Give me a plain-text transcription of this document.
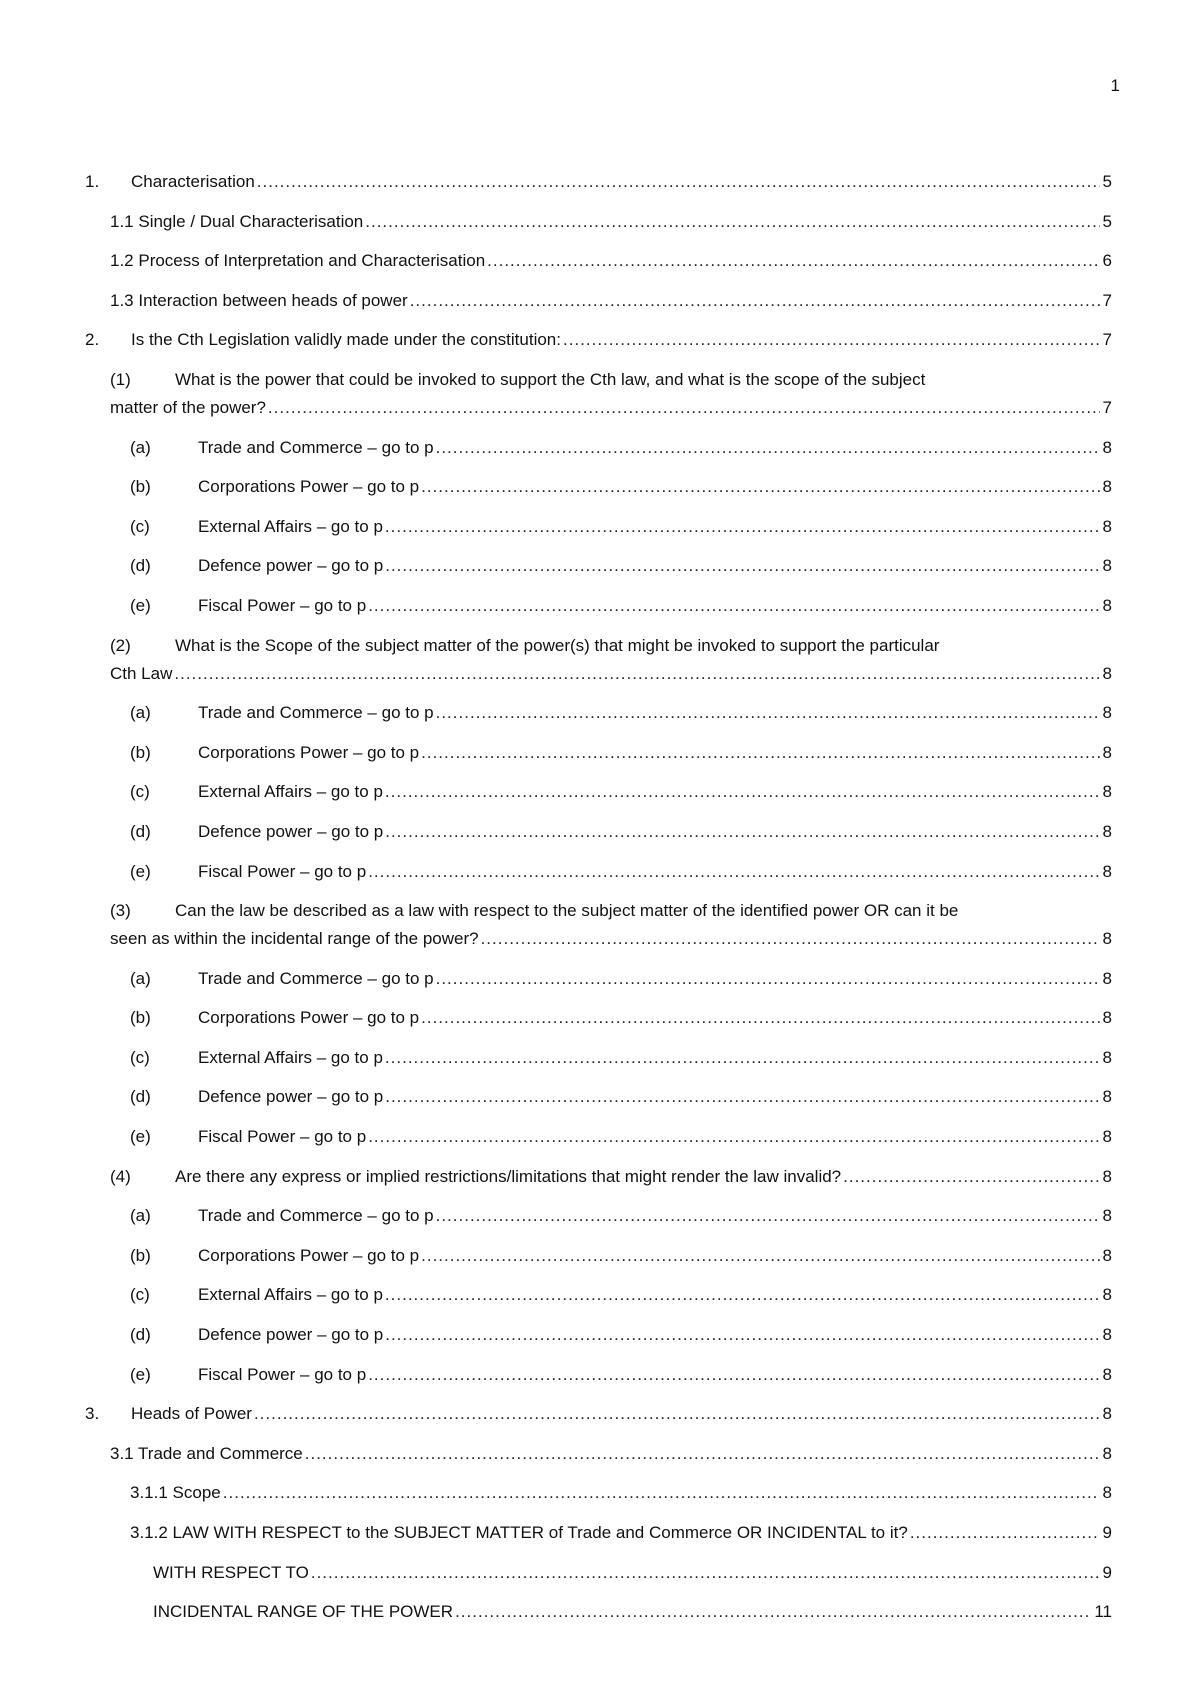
1
1.	Characterisation .....	5
1.1 Single / Dual Characterisation .....	5
1.2 Process of Interpretation and Characterisation .....	6
1.3 Interaction between heads of power .....	7
2.	Is the Cth Legislation validly made under the constitution: .....	7
(1)	What is the power that could be invoked to support the Cth law, and what is the scope of the subject
matter of the power? .....	7
(a)	Trade and Commerce – go to p .....	8
(b)	Corporations Power – go to p .....	8
(c)	External Affairs – go to p .....	8
(d)	Defence power – go to p .....	8
(e)	Fiscal Power – go to p .....	8
(2)	What is the Scope of the subject matter of the power(s) that might be invoked to support the particular
Cth Law .....	8
(a)	Trade and Commerce – go to p .....	8
(b)	Corporations Power – go to p .....	8
(c)	External Affairs – go to p .....	8
(d)	Defence power – go to p .....	8
(e)	Fiscal Power – go to p .....	8
(3)	Can the law be described as a law with respect to the subject matter of the identified power OR can it be
seen as within the incidental range of the power? .....	8
(a)	Trade and Commerce – go to p .....	8
(b)	Corporations Power – go to p .....	8
(c)	External Affairs – go to p .....	8
(d)	Defence power – go to p .....	8
(e)	Fiscal Power – go to p .....	8
(4)	Are there any express or implied restrictions/limitations that might render the law invalid? .....	8
(a)	Trade and Commerce – go to p .....	8
(b)	Corporations Power – go to p .....	8
(c)	External Affairs – go to p .....	8
(d)	Defence power – go to p .....	8
(e)	Fiscal Power – go to p .....	8
3.	Heads of Power .....	8
3.1 Trade and Commerce .....	8
3.1.1 Scope .....	8
3.1.2 LAW WITH RESPECT to the SUBJECT MATTER of Trade and Commerce OR INCIDENTAL to it? .....	9
WITH RESPECT TO .....	9
INCIDENTAL RANGE OF THE POWER .....	11
